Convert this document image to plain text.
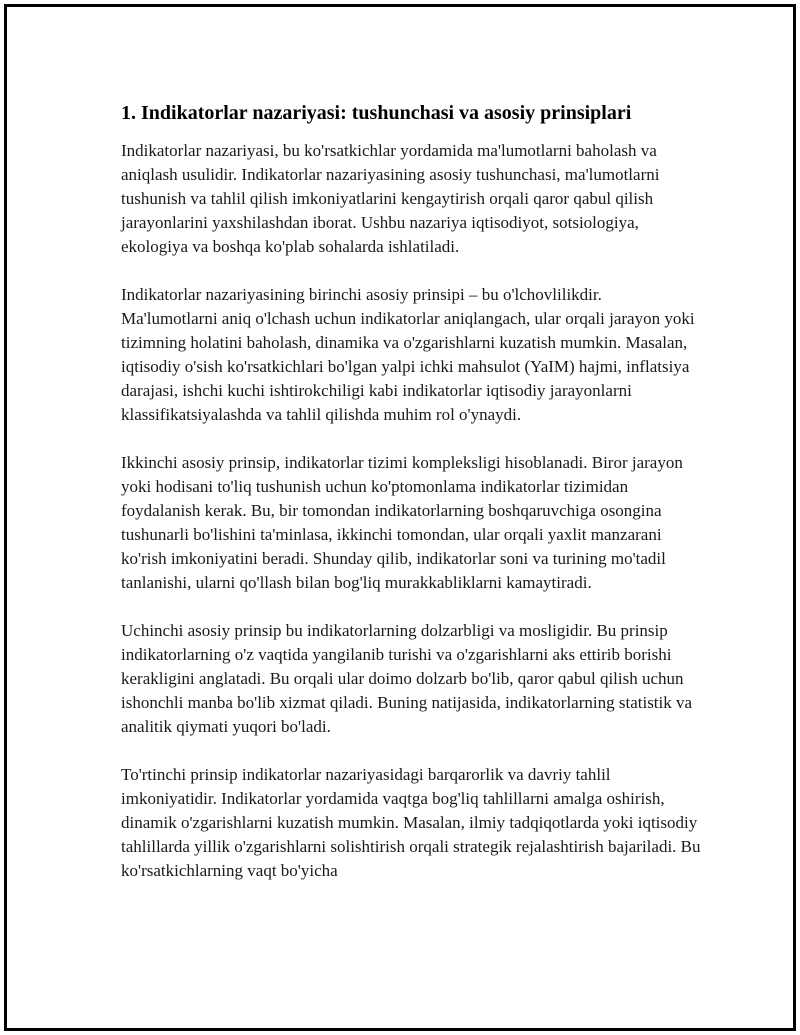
1. Indikatorlar nazariyasi: tushunchasi va asosiy prinsiplari

Indikatorlar nazariyasi, bu ko'rsatkichlar yordamida ma'lumotlarni baholash va aniqlash usulidir. Indikatorlar nazariyasining asosiy tushunchasi, ma'lumotlarni tushunish va tahlil qilish imkoniyatlarini kengaytirish orqali qaror qabul qilish jarayonlarini yaxshilashdan iborat. Ushbu nazariya iqtisodiyot, sotsiologiya, ekologiya va boshqa ko'plab sohalarda ishlatiladi.

Indikatorlar nazariyasining birinchi asosiy prinsipi – bu o'lchovlilikdir. Ma'lumotlarni aniq o'lchash uchun indikatorlar aniqlangach, ular orqali jarayon yoki tizimning holatini baholash, dinamika va o'zgarishlarni kuzatish mumkin. Masalan, iqtisodiy o'sish ko'rsatkichlari bo'lgan yalpi ichki mahsulot (YaIM) hajmi, inflatsiya darajasi, ishchi kuchi ishtirokchiligi kabi indikatorlar iqtisodiy jarayonlarni klassifikatsiyalashda va tahlil qilishda muhim rol o'ynaydi.

Ikkinchi asosiy prinsip, indikatorlar tizimi kompleksligi hisoblanadi. Biror jarayon yoki hodisani to'liq tushunish uchun ko'ptomonlama indikatorlar tizimidan foydalanish kerak. Bu, bir tomondan indikatorlarning boshqaruvchiga osongina tushunarli bo'lishini ta'minlasa, ikkinchi tomondan, ular orqali yaxlit manzarani ko'rish imkoniyatini beradi. Shunday qilib, indikatorlar soni va turining mo'tadil tanlanishi, ularni qo'llash bilan bog'liq murakkabliklarni kamaytiradi.

Uchinchi asosiy prinsip bu indikatorlarning dolzarbligi va mosligidir. Bu prinsip indikatorlarning o'z vaqtida yangilanib turishi va o'zgarishlarni aks ettirib borishi kerakligini anglatadi. Bu orqali ular doimo dolzarb bo'lib, qaror qabul qilish uchun ishonchli manba bo'lib xizmat qiladi. Buning natijasida, indikatorlarning statistik va analitik qiymati yuqori bo'ladi.

To'rtinchi prinsip indikatorlar nazariyasidagi barqarorlik va davriy tahlil imkoniyatidir. Indikatorlar yordamida vaqtga bog'liq tahlillarni amalga oshirish, dinamik o'zgarishlarni kuzatish mumkin. Masalan, ilmiy tadqiqotlarda yoki iqtisodiy tahlillarda yillik o'zgarishlarni solishtirish orqali strategik rejalashtirish bajariladi. Bu ko'rsatkichlarning vaqt bo'yicha
